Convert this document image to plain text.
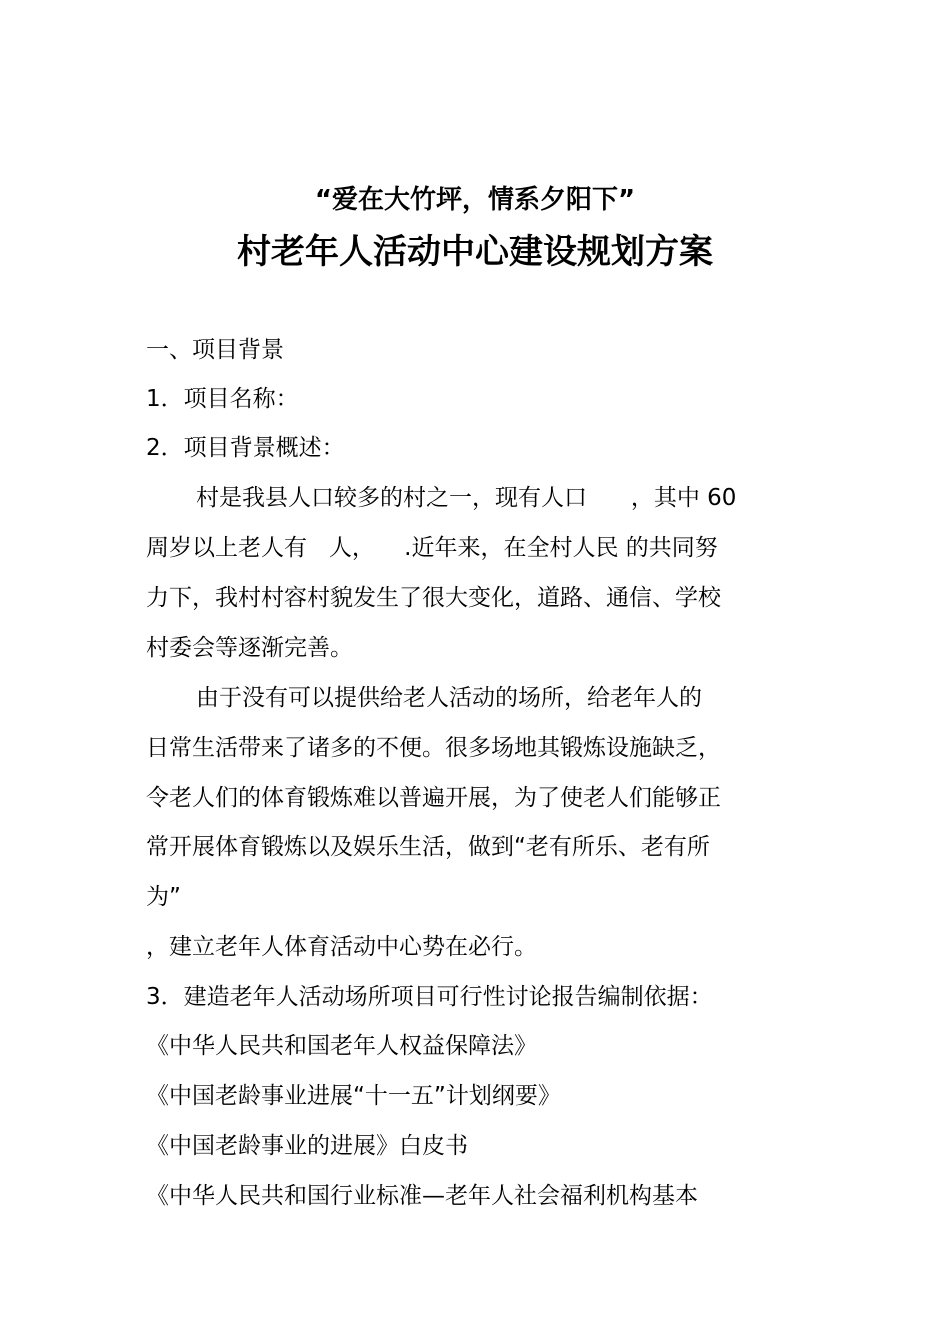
“爱在大竹坪，情系夕阳下”
村老年人活动中心建设规划方案
一、项目背景
1．项目名称：
2．项目背景概述：
村是我县人口较多的村之一，现有人口      ，其中 60
周岁以上老人有   人，    .近年来，在全村人民 的共同努
力下，我村村容村貌发生了很大变化，道路、通信、学校
村委会等逐渐完善。
由于没有可以提供给老人活动的场所，给老年人的
日常生活带来了诸多的不便。很多场地其锻炼设施缺乏，
令老人们的体育锻炼难以普遍开展，为了使老人们能够正
常开展体育锻炼以及娱乐生活，做到“老有所乐、老有所
为”
，建立老年人体育活动中心势在必行。
3．建造老年人活动场所项目可行性讨论报告编制依据：
《中华人民共和国老年人权益保障法》
《中国老龄事业进展“十一五”计划纲要》
《中国老龄事业的进展》白皮书
《中华人民共和国行业标准—老年人社会福利机构基本
